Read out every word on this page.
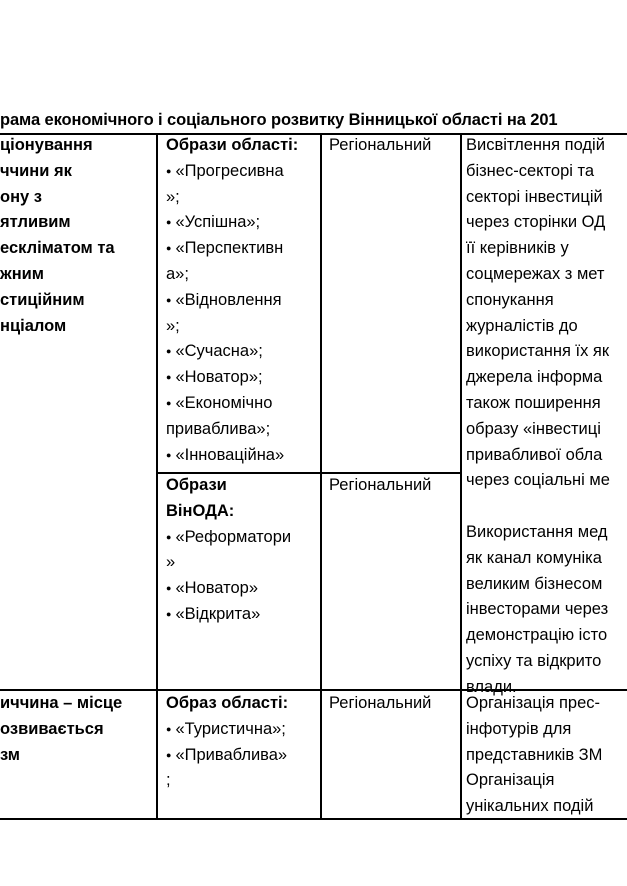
рама економічного і соціального розвитку Вінницької області на 201
ціонування
ччини як
ону з
ятливим
ескліматом та
жним
стиційним
нціалом
Образи області:
● «Прогресивна
»;
● «Успішна»;
● «Перспективн
а»;
● «Відновлення
»;
● «Сучасна»;
● «Новатор»;
● «Економічно
приваблива»;
● «Інноваційна»
Регіональний	Висвітлення подій
бізнес-секторі та
секторі інвестицій
через сторінки ОД
її керівників у
соцмережах з мет
спонукання
журналістів до
використання їх як
джерела інформа
також поширення
образу «інвестиці
привабливої обла
через соціальні ме

Використання мед
як канал комуніка
великим бізнесом
інвесторами через
демонстрацію істо
успіху та відкрито
влади.
Образи
ВінОДА:
● «Реформатори
»
● «Новатор»
● «Відкрита»
Регіональний
иччина – місце
озвивається
зм
Образ області:
● «Туристична»;
● «Приваблива»
;
Регіональний	Організація прес-
інфотурів для
представників ЗМ
Організація
унікальних подій
